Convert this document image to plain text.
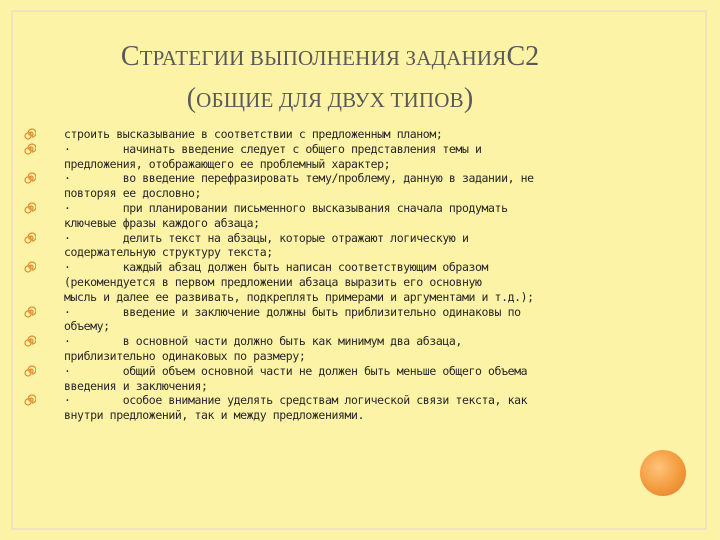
СТРАТЕГИИ ВЫПОЛНЕНИЯ ЗАДАНИЯС2
(ОБЩИЕ ДЛЯ ДВУХ ТИПОВ)
строить высказывание в соответствии с предложенным планом;
·        начинать введение следует с общего представления темы и
предложения, отображающего ее проблемный характер;
·        во введение перефразировать тему/проблему, данную в задании, не
повторяя ее дословно;
·        при планировании письменного высказывания сначала продумать
ключевые фразы каждого абзаца;
·        делить текст на абзацы, которые отражают логическую и
содержательную структуру текста;
·        каждый абзац должен быть написан соответствующим образом
(рекомендуется в первом предложении абзаца выразить его основную
мысль и далее ее развивать, подкреплять примерами и аргументами и т.д.);
·        введение и заключение должны быть приблизительно одинаковы по
объему;
·        в основной части должно быть как минимум два абзаца,
приблизительно одинаковых по размеру;
·        общий объем основной части не должен быть меньше общего объема
введения и заключения;
·        особое внимание уделять средствам логической связи текста, как
внутри предложений, так и между предложениями.
